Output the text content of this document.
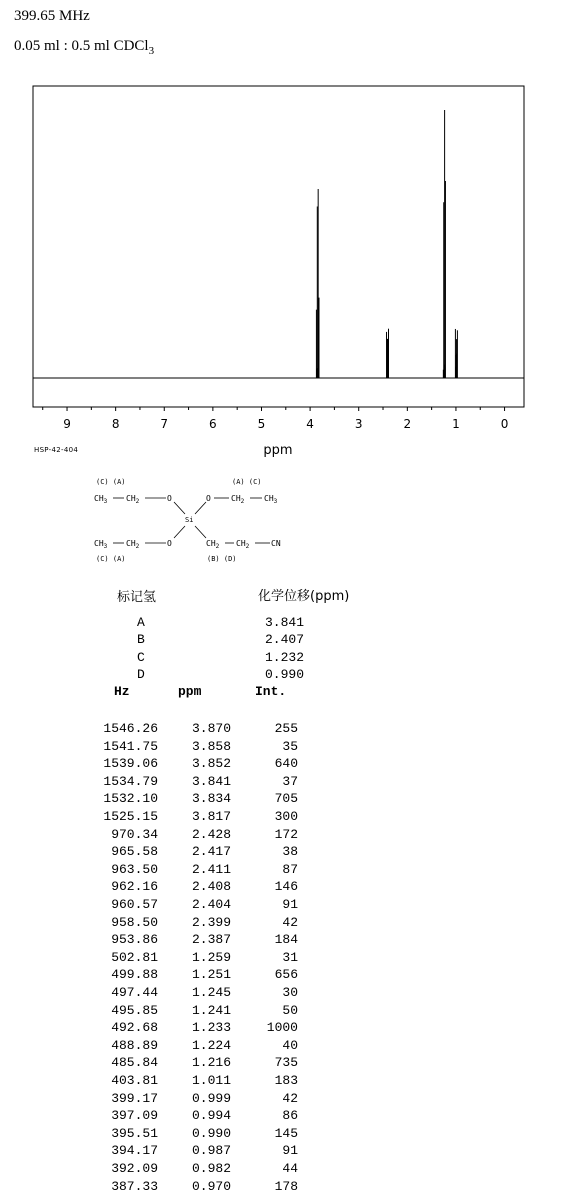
399.65 MHz
0.05 ml : 0.5 ml CDCl$_3$
9	8	7	6	5	4	3	2	1	0
ppm
HSP-42-404
(C) (A)	(A) (C)
$CH_3$ $CH_2$	O	O	$CH_2$ $CH_3$
Si
$CH_3$ $CH_2$	O	$CH_2$ $CH_2$	CN
(C) (A)	(B) (D)
标记氢	化学位移(ppm)
A	3.841
B	2.407
C	1.232
D	0.990
Hz	ppm	Int.
1546.26	3.870	255
1541.75	3.858	35
1539.06	3.852	640
1534.79	3.841	37
1532.10	3.834	705
1525.15	3.817	300
970.34	2.428	172
965.58	2.417	38
963.50	2.411	87
962.16	2.408	146
960.57	2.404	91
958.50	2.399	42
953.86	2.387	184
502.81	1.259	31
499.88	1.251	656
497.44	1.245	30
495.85	1.241	50
492.68	1.233	1000
488.89	1.224	40
485.84	1.216	735
403.81	1.011	183
399.17	0.999	42
397.09	0.994	86
395.51	0.990	145
394.17	0.987	91
392.09	0.982	44
387.33	0.970	178
